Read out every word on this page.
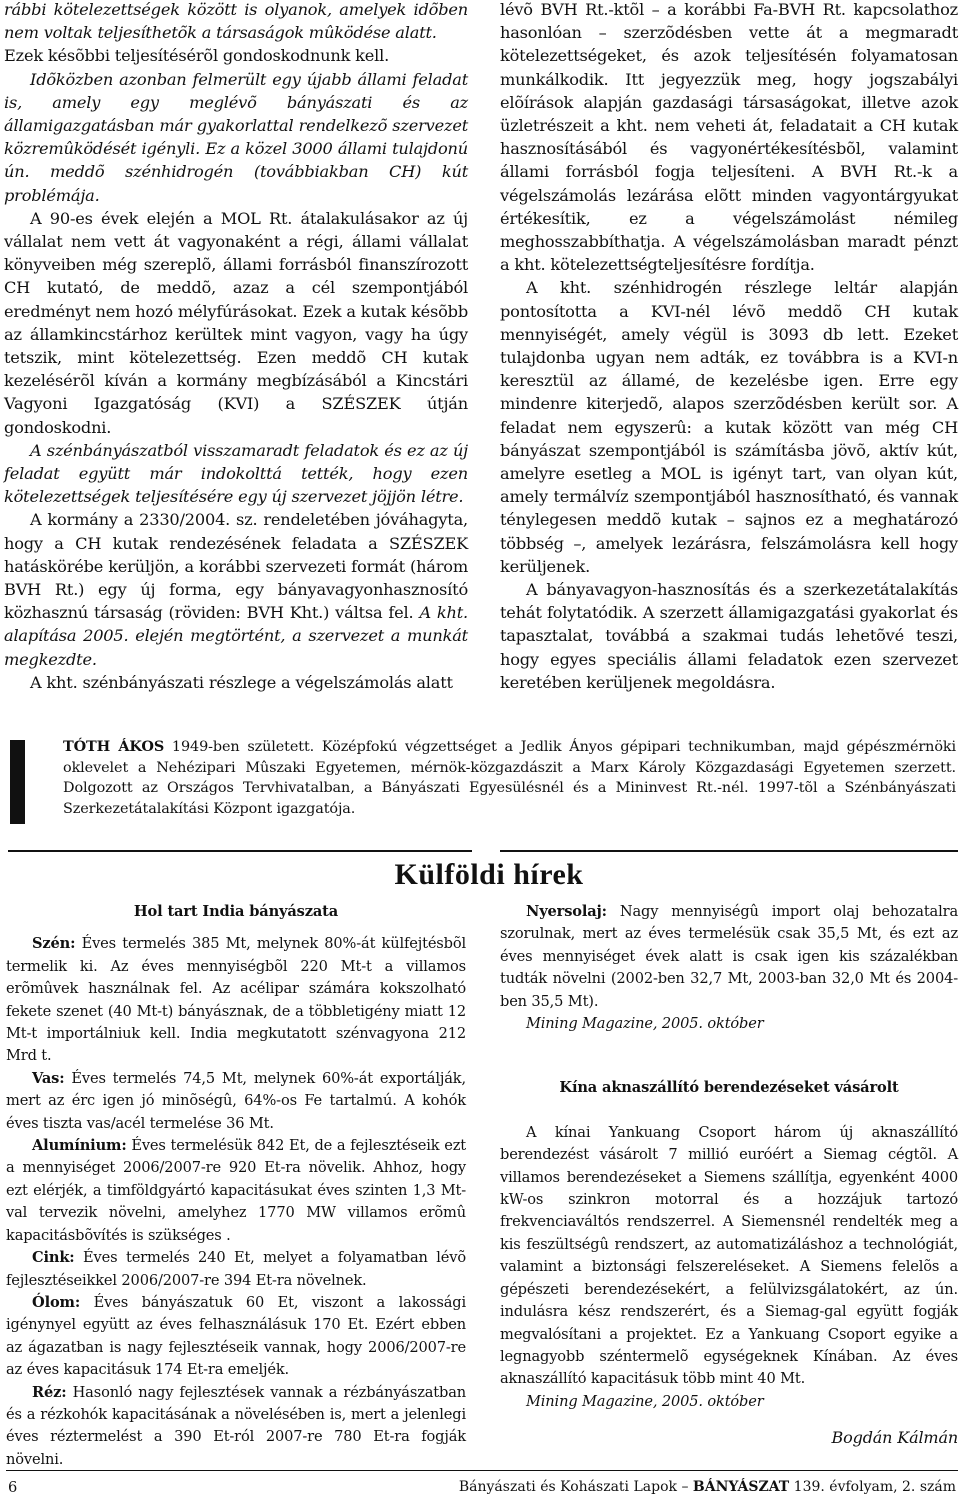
rábbi kötelezettségek között is olyanok, amelyek idõben nem voltak teljesíthetõk a társaságok mûködése alatt.

Ezek késõbbi teljesítésérõl gondoskodnunk kell.

Idõközben azonban felmerült egy újabb állami feladat is, amely egy meglévõ bányászati és az államigazgatásban már gyakorlattal rendelkezõ szervezet közremûködését igényli. Ez a közel 3000 állami tulajdonú ún. meddõ szénhidrogén (továbbiakban CH) kút problémája.

A 90-es évek elején a MOL Rt. átalakulásakor az új vállalat nem vett át vagyonaként a régi, állami vállalat könyveiben még szereplõ, állami forrásból finanszírozott CH kutató, de meddõ, azaz a cél szempontjából eredményt nem hozó mélyfúrásokat. Ezek a kutak késõbb az államkincstárhoz kerültek mint vagyon, vagy ha úgy tetszik, mint kötelezettség. Ezen meddõ CH kutak kezelésérõl kíván a kormány megbízásából a Kincstári Vagyoni Igazgatóság (KVI) a SZÉSZEK útján gondoskodni.

A szénbányászatból visszamaradt feladatok és ez az új feladat együtt már indokolttá tették, hogy ezen kötelezettségek teljesítésére egy új szervezet jöjjön létre.

A kormány a 2330/2004. sz. rendeletében jóváhagyta, hogy a CH kutak rendezésének feladata a SZÉSZEK hatáskörébe kerüljön, a korábbi szervezeti formát (három BVH Rt.) egy új forma, egy bányavagyonhasznosító közhasznú társaság (röviden: BVH Kht.) váltsa fel. A kht. alapítása 2005. elején megtörtént, a szervezet a munkát megkezdte.

A kht. szénbányászati részlege a végelszámolás alatt

lévõ BVH Rt.-ktõl – a korábbi Fa-BVH Rt. kapcsolathoz hasonlóan – szerzõdésben vette át a megmaradt kötelezettségeket, és azok teljesítésén folyamatosan munkálkodik. Itt jegyezzük meg, hogy jogszabályi elõírások alapján gazdasági társaságokat, illetve azok üzletrészeit a kht. nem veheti át, feladatait a CH kutak hasznosításából és vagyonértékesítésbõl, valamint állami forrásból fogja teljesíteni. A BVH Rt.-k a végelszámolás lezárása elõtt minden vagyontárgyukat értékesítik, ez a végelszámolást némileg meghosszabbíthatja. A végelszámolásban maradt pénzt a kht. kötelezettségteljesítésre fordítja.

A kht. szénhidrogén részlege leltár alapján pontosította a KVI-nél lévõ meddõ CH kutak mennyiségét, amely végül is 3093 db lett. Ezeket tulajdonba ugyan nem adták, ez továbbra is a KVI-n keresztül az államé, de kezelésbe igen. Erre egy mindenre kiterjedõ, alapos szerzõdésben került sor. A feladat nem egyszerû: a kutak között van még CH bányászat szempontjából is számításba jövõ, aktív kút, amelyre esetleg a MOL is igényt tart, van olyan kút, amely termálvíz szempontjából hasznosítható, és vannak ténylegesen meddõ kutak – sajnos ez a meghatározó többség –, amelyek lezárásra, felszámolásra kell hogy kerüljenek.

A bányavagyon-hasznosítás és a szerkezetátalakítás tehát folytatódik. A szerzett államigazgatási gyakorlat és tapasztalat, továbbá a szakmai tudás lehetõvé teszi, hogy egyes speciális állami feladatok ezen szervezet keretében kerüljenek megoldásra.

TÓTH ÁKOS 1949-ben született. Középfokú végzettséget a Jedlik Ányos gépipari technikumban, majd gépészmérnöki oklevelet a Nehézipari Mûszaki Egyetemen, mérnök-közgazdászit a Marx Károly Közgazdasági Egyetemen szerzett. Dolgozott az Országos Tervhivatalban, a Bányászati Egyesülésnél és a Mininvest Rt.-nél. 1997-tõl a Szénbányászati Szerkezetátalakítási Központ igazgatója.
Külföldi hírek
Hol tart India bányászata

Szén: Éves termelés 385 Mt, melynek 80%-át külfejtésbõl termelik ki. Az éves mennyiségbõl 220 Mt-t a villamos erõmûvek használnak fel. Az acélipar számára kokszolható fekete szenet (40 Mt-t) bányásznak, de a többletigény miatt 12 Mt-t importálniuk kell. India megkutatott szénvagyona 212 Mrd t.

Vas: Éves termelés 74,5 Mt, melynek 60%-át exportálják, mert az érc igen jó minõségû, 64%-os Fe tartalmú. A kohók éves tiszta vas/acél termelése 36 Mt.

Alumínium: Éves termelésük 842 Et, de a fejlesztéseik ezt a mennyiséget 2006/2007-re 920 Et-ra növelik. Ahhoz, hogy ezt elérjék, a timföldgyártó kapacitásukat éves szinten 1,3 Mt-val tervezik növelni, amelyhez 1770 MW villamos erõmû kapacitásbõvítés is szükséges .

Cink: Éves termelés 240 Et, melyet a folyamatban lévõ fejlesztéseikkel 2006/2007-re 394 Et-ra növelnek.

Ólom: Éves bányászatuk 60 Et, viszont a lakossági igénynyel együtt az éves felhasználásuk 170 Et. Ezért ebben az ágazatban is nagy fejlesztéseik vannak, hogy 2006/2007-re az éves kapacitásuk 174 Et-ra emeljék.

Réz: Hasonló nagy fejlesztések vannak a rézbányászatban és a rézkohók kapacitásának a növelésében is, mert a jelenlegi éves réztermelést a 390 Et-ról 2007-re 780 Et-ra fogják növelni.

Nyersolaj: Nagy mennyiségû import olaj behozatalra szorulnak, mert az éves termelésük csak 35,5 Mt, és ezt az éves mennyiséget évek alatt is csak igen kis százalékban tudták növelni (2002-ben 32,7 Mt, 2003-ban 32,0 Mt és 2004-ben 35,5 Mt).

Mining Magazine, 2005. október

Kína aknaszállító berendezéseket vásárolt

A kínai Yankuang Csoport három új aknaszállító berendezést vásárolt 7 millió euróért a Siemag cégtõl. A villamos berendezéseket a Siemens szállítja, egyenként 4000 kW-os szinkron motorral és a hozzájuk tartozó frekvenciaváltós rendszerrel. A Siemensnél rendelték meg a kis feszültségû rendszert, az automatizáláshoz a technológiát, valamint a biztonsági felszereléseket. A Siemens felelõs a gépészeti berendezésekért, a felülvizsgálatokért, az ún. indulásra kész rendszerért, és a Siemag-gal együtt fogják megvalósítani a projektet. Ez a Yankuang Csoport egyike a legnagyobb széntermelõ egységeknek Kínában. Az éves aknaszállító kapacitásuk több mint 40 Mt.

Mining Magazine, 2005. október

Bogdán Kálmán

6	Bányászati és Kohászati Lapok – BÁNYÁSZAT 139. évfolyam, 2. szám
